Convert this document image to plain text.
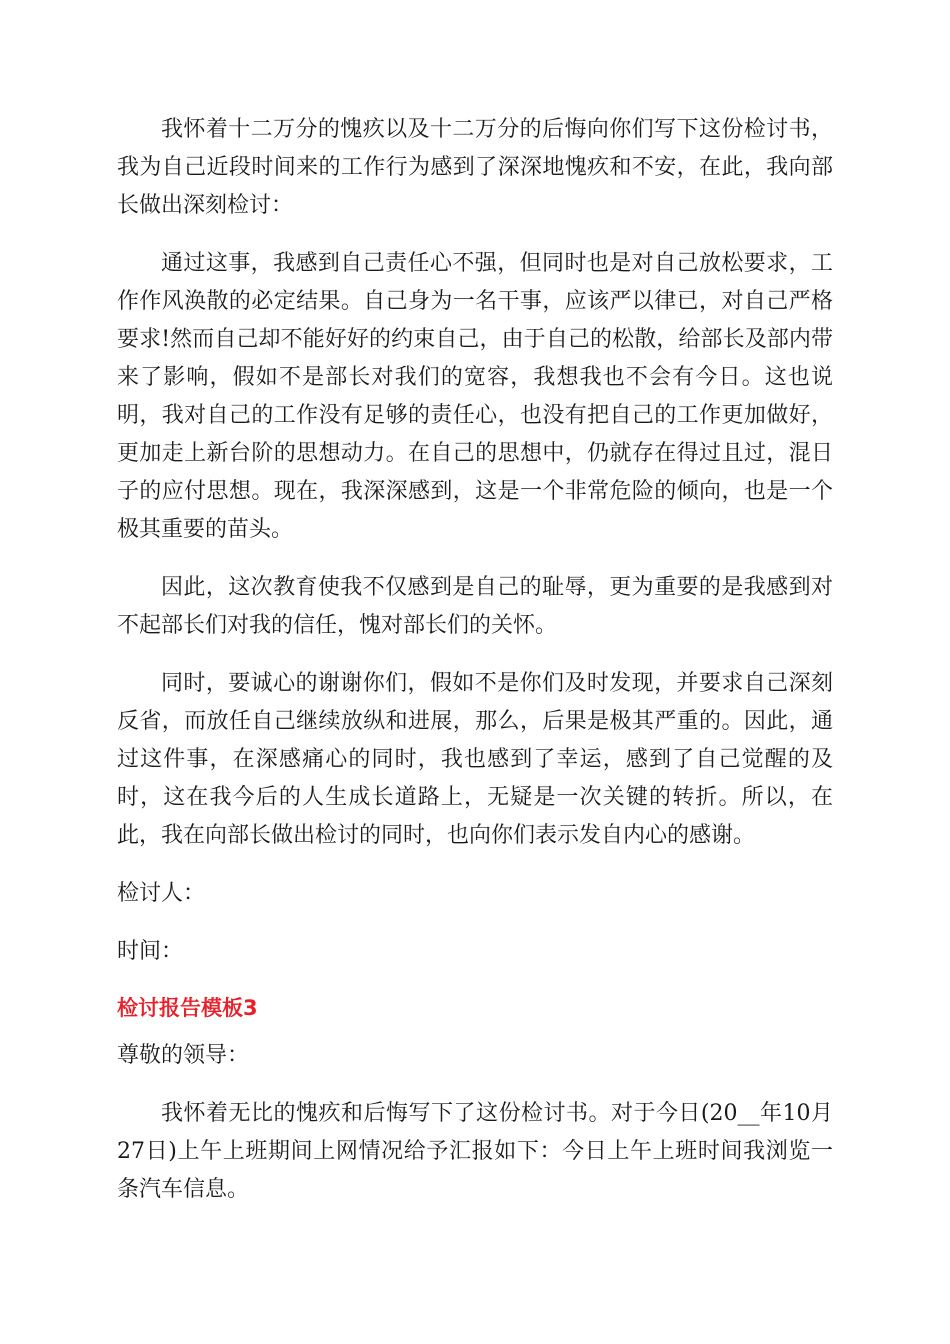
我怀着十二万分的愧疚以及十二万分的后悔向你们写下这份检讨书，我为自己近段时间来的工作行为感到了深深地愧疚和不安，在此，我向部长做出深刻检讨：

通过这事，我感到自己责任心不强，但同时也是对自己放松要求，工作作风涣散的必定结果。自己身为一名干事，应该严以律已，对自己严格要求!然而自己却不能好好的约束自己，由于自己的松散，给部长及部内带来了影响，假如不是部长对我们的宽容，我想我也不会有今日。这也说明，我对自己的工作没有足够的责任心，也没有把自己的工作更加做好，更加走上新台阶的思想动力。在自己的思想中，仍就存在得过且过，混日子的应付思想。现在，我深深感到，这是一个非常危险的倾向，也是一个极其重要的苗头。

因此，这次教育使我不仅感到是自己的耻辱，更为重要的是我感到对不起部长们对我的信任，愧对部长们的关怀。

同时，要诚心的谢谢你们，假如不是你们及时发现，并要求自己深刻反省，而放任自己继续放纵和进展，那么，后果是极其严重的。因此，通过这件事，在深感痛心的同时，我也感到了幸运，感到了自己觉醒的及时，这在我今后的人生成长道路上，无疑是一次关键的转折。所以，在此，我在向部长做出检讨的同时，也向你们表示发自内心的感谢。

检讨人：

时间：

检讨报告模板3

尊敬的领导：

我怀着无比的愧疚和后悔写下了这份检讨书。对于今日(20__年10月27日)上午上班期间上网情况给予汇报如下：今日上午上班时间我浏览一条汽车信息。
